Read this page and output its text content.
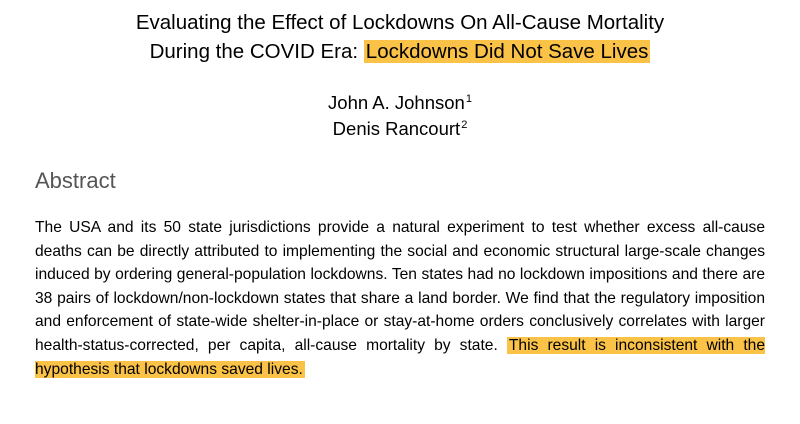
Evaluating the Effect of Lockdowns On All-Cause Mortality
During the COVID Era: Lockdowns Did Not Save Lives
John A. Johnson$^1$
Denis Rancourt$^2$
Abstract

The USA and its 50 state jurisdictions provide a natural experiment to test whether excess all-cause deaths can be directly attributed to implementing the social and economic structural large-scale changes induced by ordering general-population lockdowns. Ten states had no lockdown impositions and there are 38 pairs of lockdown/non-lockdown states that share a land border. We find that the regulatory imposition and enforcement of state-wide shelter-in-place or stay-at-home orders conclusively correlates with larger health-status-corrected, per capita, all-cause mortality by state. This result is inconsistent with the hypothesis that lockdowns saved lives.
